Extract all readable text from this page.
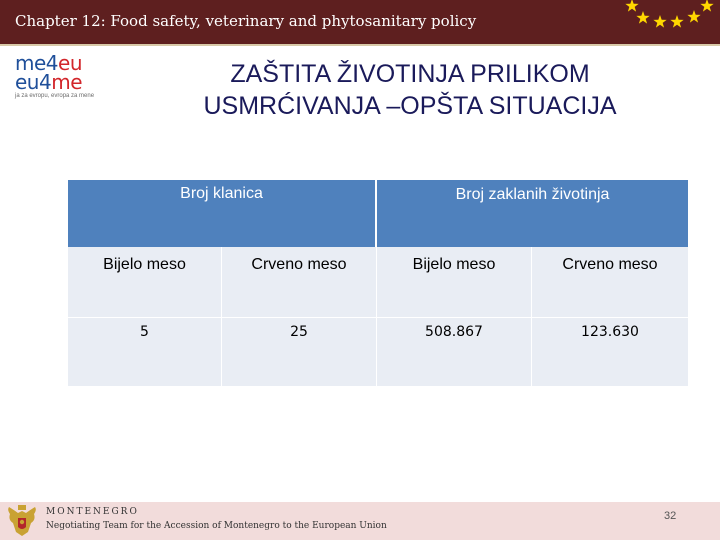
Chapter 12: Food safety, veterinary and phytosanitary policy
me4eu
eu4me
ja za evropu, evropa za mene
ZAŠTITA ŽIVOTINJA PRILIKOM
USMRĆIVANJA –OPŠTA SITUACIJA
Broj klanica	Broj zaklanih životinja
Bijelo meso	Crveno meso	Bijelo meso	Crveno meso
5	25	508.867	123.630
MONTENEGRO
Negotiating Team for the Accession of Montenegro to the European Union
32
